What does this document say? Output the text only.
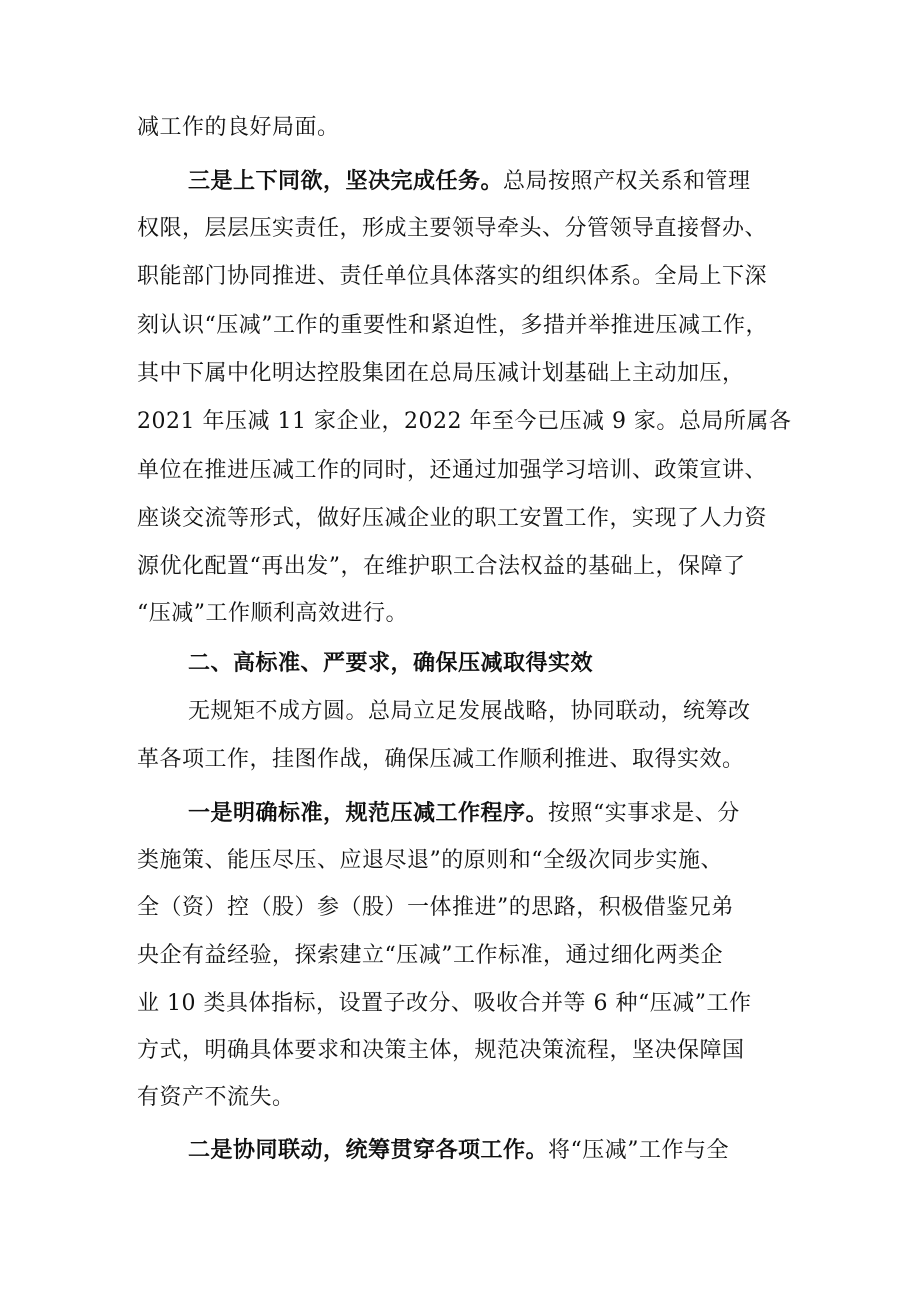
减工作的良好局面。

三是上下同欲，坚决完成任务。总局按照产权关系和管理

权限，层层压实责任，形成主要领导牵头、分管领导直接督办、

职能部门协同推进、责任单位具体落实的组织体系。全局上下深

刻认识“压减”工作的重要性和紧迫性，多措并举推进压减工作，

其中下属中化明达控股集团在总局压减计划基础上主动加压，

2021 年压减 11 家企业，2022 年至今已压减 9 家。总局所属各

单位在推进压减工作的同时，还通过加强学习培训、政策宣讲、

座谈交流等形式，做好压减企业的职工安置工作，实现了人力资

源优化配置“再出发”，在维护职工合法权益的基础上，保障了

“压减”工作顺利高效进行。

二、高标准、严要求，确保压减取得实效

无规矩不成方圆。总局立足发展战略，协同联动，统筹改

革各项工作，挂图作战，确保压减工作顺利推进、取得实效。

一是明确标准，规范压减工作程序。按照“实事求是、分

类施策、能压尽压、应退尽退”的原则和“全级次同步实施、

全（资）控（股）参（股）一体推进”的思路，积极借鉴兄弟

央企有益经验，探索建立“压减”工作标准，通过细化两类企

业 10 类具体指标，设置子改分、吸收合并等 6 种“压减”工作

方式，明确具体要求和决策主体，规范决策流程，坚决保障国

有资产不流失。

二是协同联动，统筹贯穿各项工作。将“压减”工作与全
